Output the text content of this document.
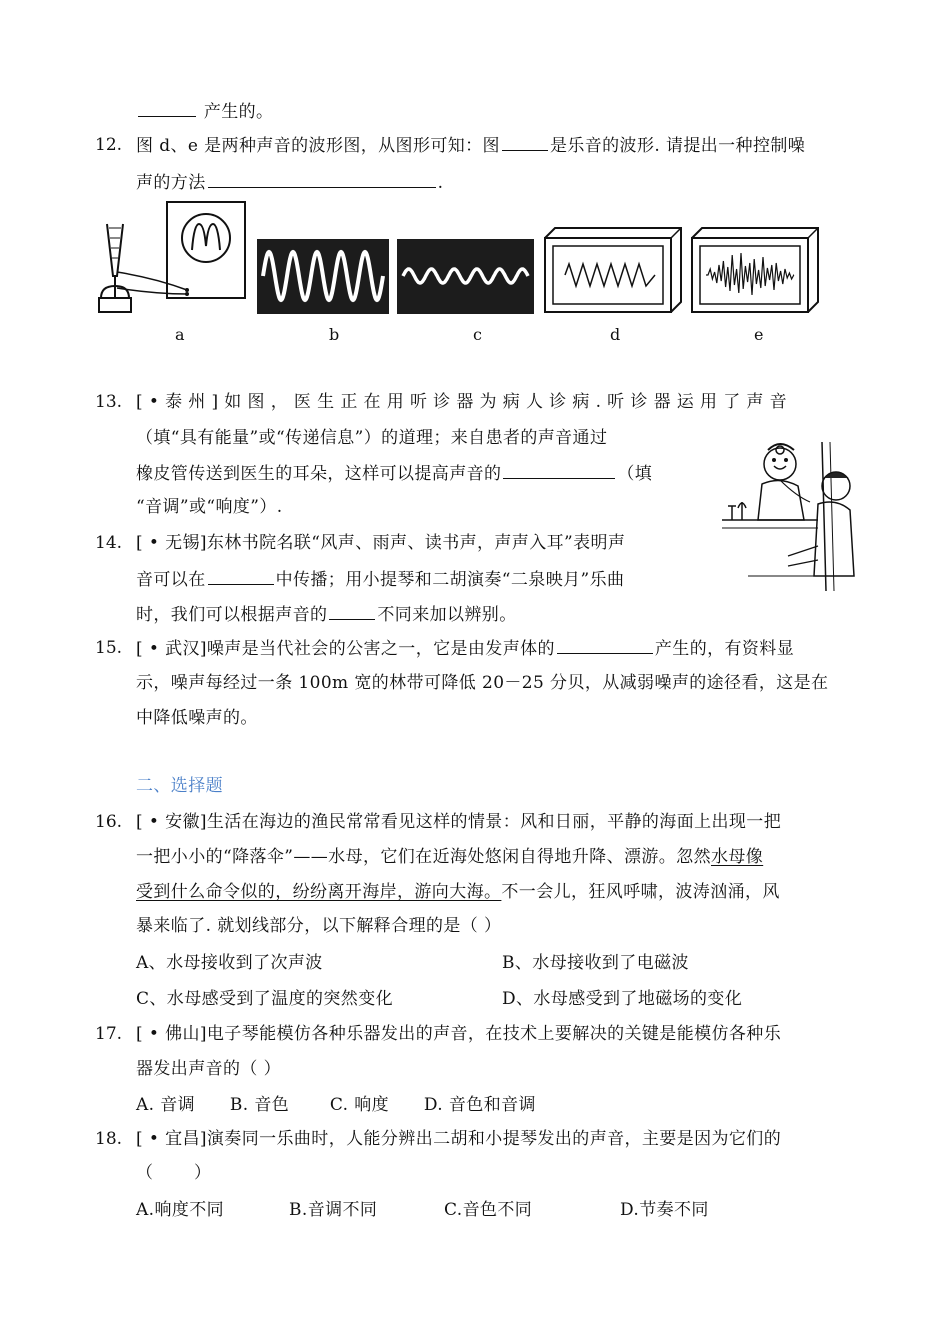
产生的。
12. 图 d、e 是两种声音的波形图，从图形可知：图	是乐音的波形. 请提出一种控制噪
声的方法	.
a	b	c	d	e
13. [ • 泰 州 ] 如 图 ， 医 生 正 在 用 听 诊 器 为 病 人 诊 病 . 听 诊 器 运 用 了 声 音
（填“具有能量”或“传递信息”）的道理；来自患者的声音通过
橡皮管传送到医生的耳朵，这样可以提高声音的	（填
“音调”或“响度”）.
14. [ • 无锡]东林书院名联“风声、雨声、读书声，声声入耳”表明声
音可以在	中传播；用小提琴和二胡演奏“二泉映月”乐曲
时，我们可以根据声音的	不同来加以辨别。
15. [ • 武汉]噪声是当代社会的公害之一，它是由发声体的	产生的，有资料显
示，噪声每经过一条 100m 宽的林带可降低 20－25 分贝，从减弱噪声的途径看，这是在
中降低噪声的。
二、选择题
16. [ • 安徽]生活在海边的渔民常常看见这样的情景：风和日丽，平静的海面上出现一把
一把小小的“降落伞”——水母，它们在近海处悠闲自得地升降、漂游。忽然水母像
受到什么命令似的，纷纷离开海岸，游向大海。不一会儿，狂风呼啸，波涛汹涌，风
暴来临了. 就划线部分，以下解释合理的是（ ）
A、水母接收到了次声波	B、水母接收到了电磁波
C、水母感受到了温度的突然变化	D、水母感受到了地磁场的变化
17. [ • 佛山]电子琴能模仿各种乐器发出的声音，在技术上要解决的关键是能模仿各种乐
器发出声音的（ ）
A. 音调      B. 音色       C. 响度      D. 音色和音调
18. [ • 宜昌]演奏同一乐曲时，人能分辨出二胡和小提琴发出的声音，主要是因为它们的
（       ）
A.响度不同	B.音调不同	C.音色不同	D.节奏不同
